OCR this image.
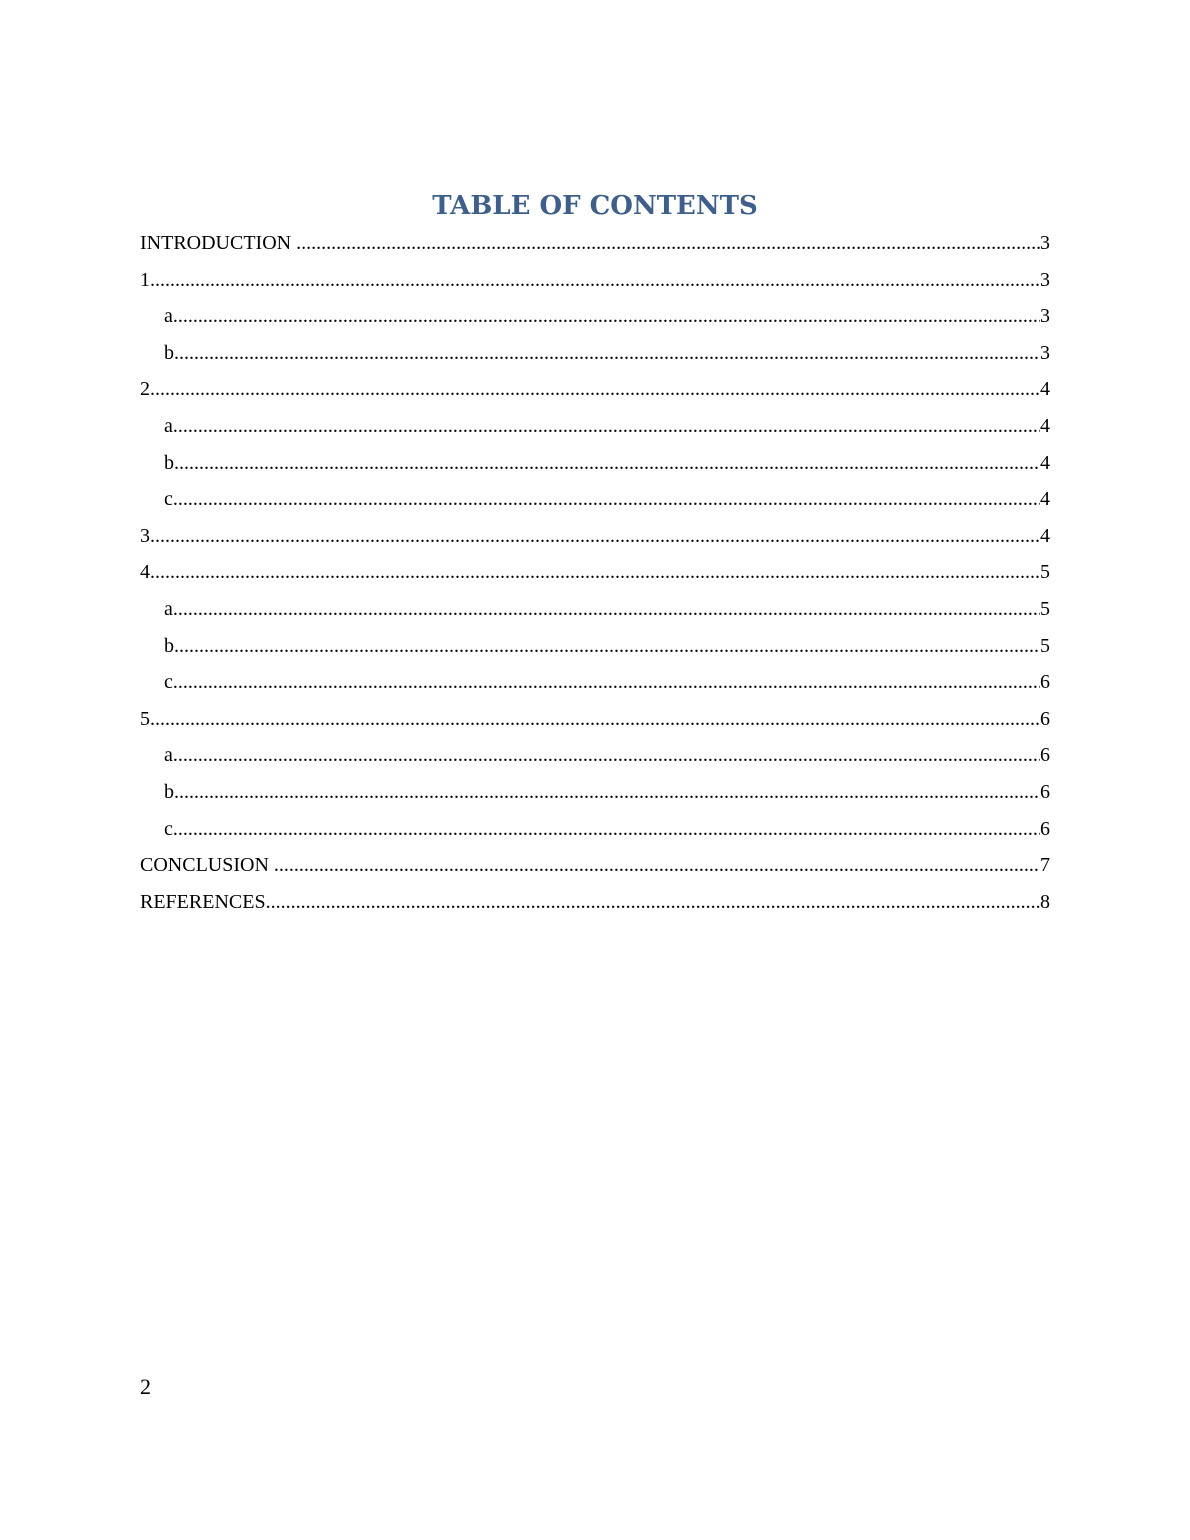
TABLE OF CONTENTS
INTRODUCTION .....	3
1 .....	3
a .....	3
b .....	3
2 .....	4
a .....	4
b .....	4
c .....	4
3 .....	4
4 .....	5
a .....	5
b .....	5
c .....	6
5 .....	6
a .....	6
b .....	6
c .....	6
CONCLUSION .....	7
REFERENCES .....	8
2
